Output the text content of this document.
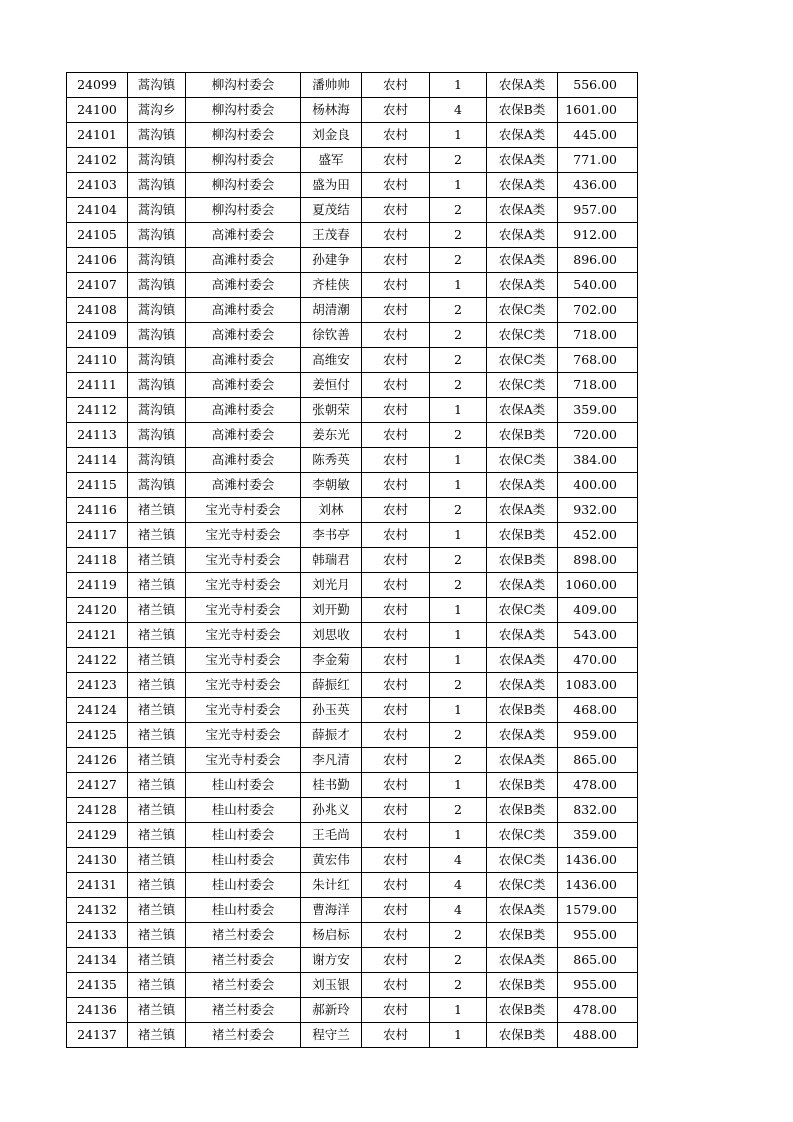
24099	蒿沟镇	柳沟村委会	潘帅帅	农村	1	农保A类	556.00
24100	蒿沟乡	柳沟村委会	杨林海	农村	4	农保B类	1601.00
24101	蒿沟镇	柳沟村委会	刘金良	农村	1	农保A类	445.00
24102	蒿沟镇	柳沟村委会	盛军	农村	2	农保A类	771.00
24103	蒿沟镇	柳沟村委会	盛为田	农村	1	农保A类	436.00
24104	蒿沟镇	柳沟村委会	夏茂结	农村	2	农保A类	957.00
24105	蒿沟镇	高滩村委会	王茂春	农村	2	农保A类	912.00
24106	蒿沟镇	高滩村委会	孙建争	农村	2	农保A类	896.00
24107	蒿沟镇	高滩村委会	齐桂侠	农村	1	农保A类	540.00
24108	蒿沟镇	高滩村委会	胡清潮	农村	2	农保C类	702.00
24109	蒿沟镇	高滩村委会	徐钦善	农村	2	农保C类	718.00
24110	蒿沟镇	高滩村委会	高维安	农村	2	农保C类	768.00
24111	蒿沟镇	高滩村委会	姜恒付	农村	2	农保C类	718.00
24112	蒿沟镇	高滩村委会	张朝荣	农村	1	农保A类	359.00
24113	蒿沟镇	高滩村委会	姜东光	农村	2	农保B类	720.00
24114	蒿沟镇	高滩村委会	陈秀英	农村	1	农保C类	384.00
24115	蒿沟镇	高滩村委会	李朝敏	农村	1	农保A类	400.00
24116	褚兰镇	宝光寺村委会	刘林	农村	2	农保A类	932.00
24117	褚兰镇	宝光寺村委会	李书亭	农村	1	农保B类	452.00
24118	褚兰镇	宝光寺村委会	韩瑞君	农村	2	农保B类	898.00
24119	褚兰镇	宝光寺村委会	刘光月	农村	2	农保A类	1060.00
24120	褚兰镇	宝光寺村委会	刘开勤	农村	1	农保C类	409.00
24121	褚兰镇	宝光寺村委会	刘思收	农村	1	农保A类	543.00
24122	褚兰镇	宝光寺村委会	李金菊	农村	1	农保A类	470.00
24123	褚兰镇	宝光寺村委会	薛振红	农村	2	农保A类	1083.00
24124	褚兰镇	宝光寺村委会	孙玉英	农村	1	农保B类	468.00
24125	褚兰镇	宝光寺村委会	薛振才	农村	2	农保A类	959.00
24126	褚兰镇	宝光寺村委会	李凡清	农村	2	农保A类	865.00
24127	褚兰镇	桂山村委会	桂书勤	农村	1	农保B类	478.00
24128	褚兰镇	桂山村委会	孙兆义	农村	2	农保B类	832.00
24129	褚兰镇	桂山村委会	王毛尚	农村	1	农保C类	359.00
24130	褚兰镇	桂山村委会	黄宏伟	农村	4	农保C类	1436.00
24131	褚兰镇	桂山村委会	朱计红	农村	4	农保C类	1436.00
24132	褚兰镇	桂山村委会	曹海洋	农村	4	农保A类	1579.00
24133	褚兰镇	褚兰村委会	杨启标	农村	2	农保B类	955.00
24134	褚兰镇	褚兰村委会	谢方安	农村	2	农保A类	865.00
24135	褚兰镇	褚兰村委会	刘玉银	农村	2	农保B类	955.00
24136	褚兰镇	褚兰村委会	郝新玲	农村	1	农保B类	478.00
24137	褚兰镇	褚兰村委会	程守兰	农村	1	农保B类	488.00
